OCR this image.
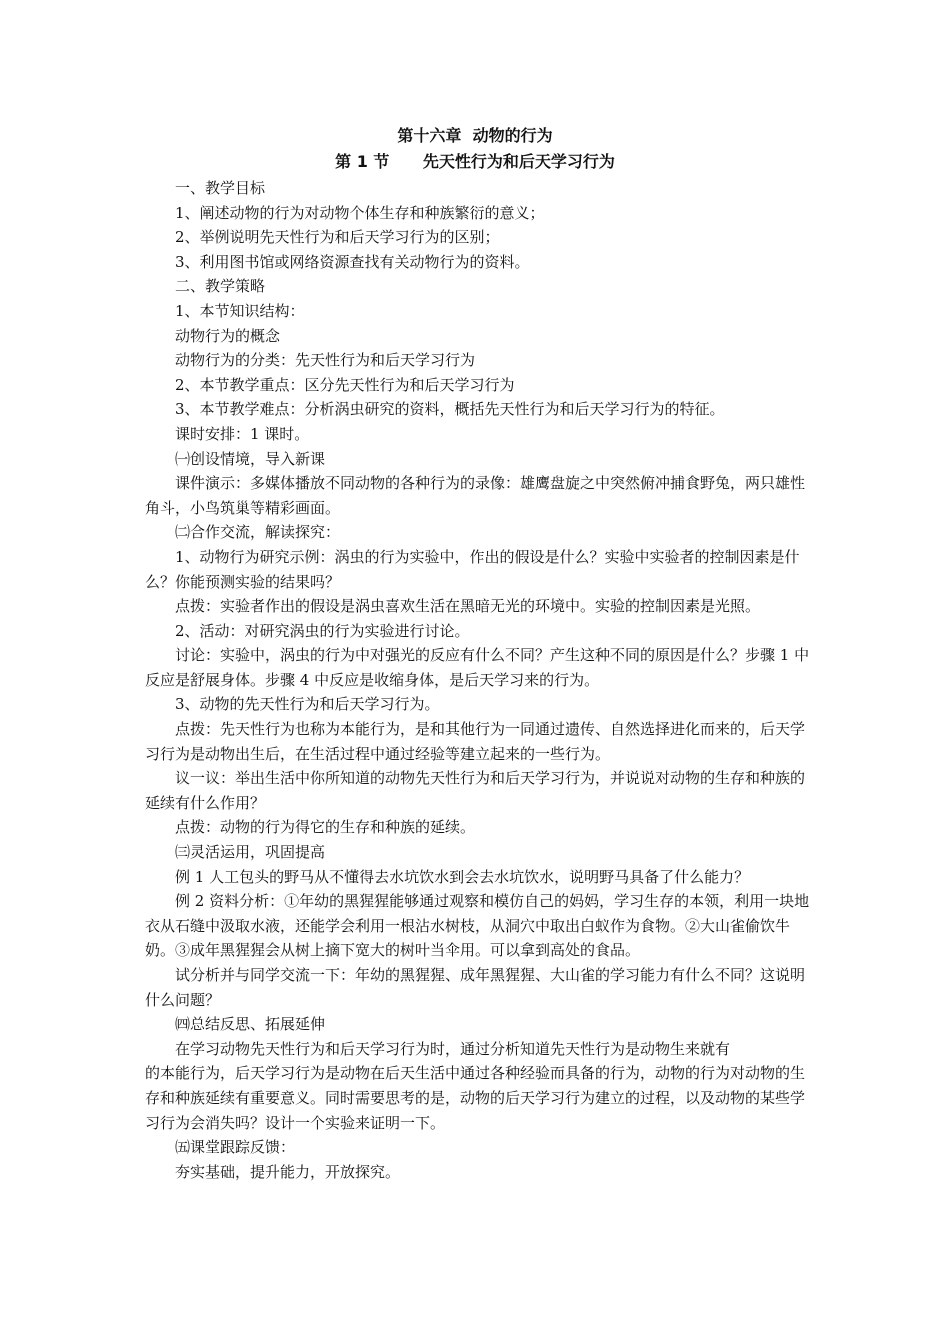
第十六章  动物的行为
第 1 节      先天性行为和后天学习行为

一、教学目标

1、阐述动物的行为对动物个体生存和种族繁衍的意义；

2、举例说明先天性行为和后天学习行为的区别；

3、利用图书馆或网络资源查找有关动物行为的资料。

二、教学策略

1、本节知识结构：

动物行为的概念

动物行为的分类：先天性行为和后天学习行为

2、本节教学重点：区分先天性行为和后天学习行为

3、本节教学难点：分析涡虫研究的资料，概括先天性行为和后天学习行为的特征。

课时安排：1 课时。

㈠创设情境，导入新课

课件演示：多媒体播放不同动物的各种行为的录像：雄鹰盘旋之中突然俯冲捕食野兔，两只雄性角斗，小鸟筑巢等精彩画面。

㈡合作交流，解读探究：

1、动物行为研究示例：涡虫的行为实验中，作出的假设是什么？实验中实验者的控制因素是什么？你能预测实验的结果吗？

点拨：实验者作出的假设是涡虫喜欢生活在黑暗无光的环境中。实验的控制因素是光照。

2、活动：对研究涡虫的行为实验进行讨论。

讨论：实验中，涡虫的行为中对强光的反应有什么不同？产生这种不同的原因是什么？步骤 1 中反应是舒展身体。步骤 4 中反应是收缩身体，是后天学习来的行为。

3、动物的先天性行为和后天学习行为。

点拨：先天性行为也称为本能行为，是和其他行为一同通过遗传、自然选择进化而来的，后天学习行为是动物出生后，在生活过程中通过经验等建立起来的一些行为。

议一议：举出生活中你所知道的动物先天性行为和后天学习行为，并说说对动物的生存和种族的延续有什么作用？

点拨：动物的行为得它的生存和种族的延续。

㈢灵活运用，巩固提高

例 1 人工包头的野马从不懂得去水坑饮水到会去水坑饮水，说明野马具备了什么能力？

例 2 资料分析：①年幼的黑猩猩能够通过观察和模仿自己的妈妈，学习生存的本领，利用一块地衣从石缝中汲取水液，还能学会利用一根沾水树枝，从洞穴中取出白蚁作为食物。②大山雀偷饮牛奶。③成年黑猩猩会从树上摘下宽大的树叶当伞用。可以拿到高处的食品。

试分析并与同学交流一下：年幼的黑猩猩、成年黑猩猩、大山雀的学习能力有什么不同？这说明什么问题？

㈣总结反思、拓展延伸

在学习动物先天性行为和后天学习行为时，通过分析知道先天性行为是动物生来就有

的本能行为，后天学习行为是动物在后天生活中通过各种经验而具备的行为，动物的行为对动物的生存和种族延续有重要意义。同时需要思考的是，动物的后天学习行为建立的过程，以及动物的某些学习行为会消失吗？设计一个实验来证明一下。

㈤课堂跟踪反馈：

夯实基础，提升能力，开放探究。
